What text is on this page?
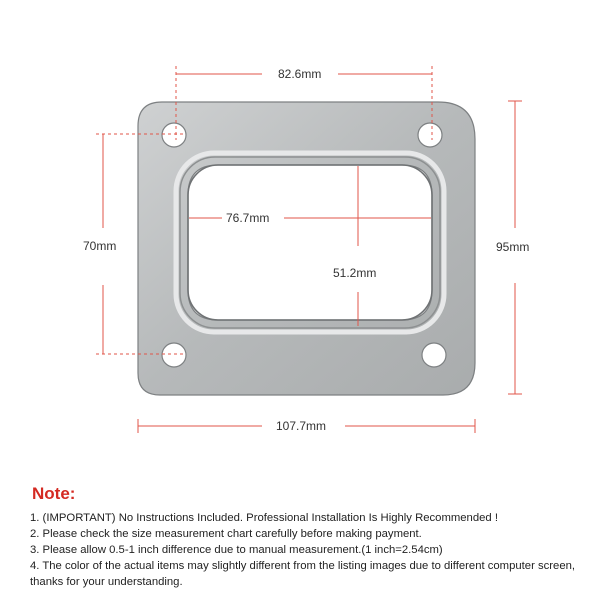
82.6mm
76.7mm
51.2mm
70mm	95mm
107.7mm
Note:
1. (IMPORTANT) No Instructions Included. Professional Installation Is Highly Recommended !
2. Please check the size measurement chart carefully before making payment.
3. Please allow 0.5-1 inch difference due to manual measurement.(1 inch=2.54cm)
4. The color of the actual items may slightly different from the listing images due to different computer screen, thanks for your understanding.
